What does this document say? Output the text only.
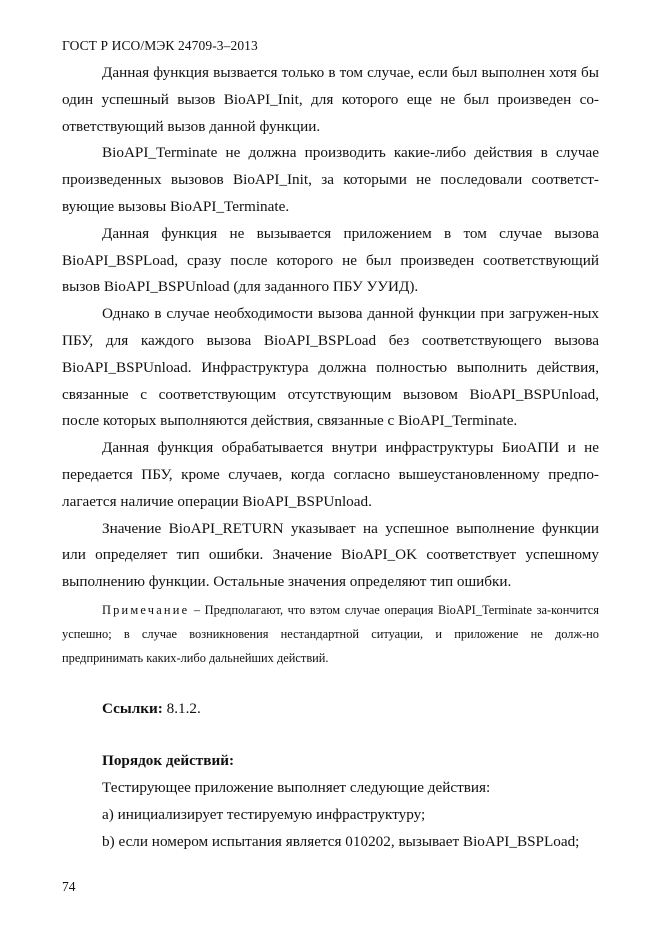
ГОСТ Р ИСО/МЭК 24709-3–2013

Данная функция вызвается только в том случае, если был выполнен хотя бы один успешный вызов BioAPI_Init, для которого еще не был произведен со-ответствующий вызов данной функции.

BioAPI_Terminate не должна производить какие-либо действия в случае произведенных вызовов BioAPI_Init, за которыми не последовали соответст-вующие вызовы BioAPI_Terminate.

Данная функция не вызывается приложением в том случае вызова BioAPI_BSPLoad, сразу после которого не был произведен соответствующий вызов BioAPI_BSPUnload (для заданного ПБУ УУИД).

Однако в случае необходимости вызова данной функции при загружен-ных ПБУ, для каждого вызова BioAPI_BSPLoad без соответствующего вызова BioAPI_BSPUnload. Инфраструктура должна полностью выполнить действия, связанные с соответствующим отсутствующим вызовом BioAPI_BSPUnload, после которых выполняются действия, связанные с BioAPI_Terminate.

Данная функция обрабатывается внутри инфраструктуры БиоАПИ и не передается ПБУ, кроме случаев, когда согласно вышеустановленному предпо-лагается наличие операции BioAPI_BSPUnload.

Значение BioAPI_RETURN указывает на успешное выполнение функции или определяет тип ошибки. Значение BioAPI_OK соответствует успешному выполнению функции. Остальные значения определяют тип ошибки.

Примечание – Предполагают, что вэтом случае операция BioAPI_Terminate за-кончится успешно; в случае возникновения нестандартной ситуации, и приложение не долж-но предпринимать каких-либо дальнейших действий.

Ссылки: 8.1.2.

Порядок действий:

Тестирующее приложение выполняет следующие действия:

a) инициализирует тестируемую инфраструктуру;

b) если номером испытания является 010202, вызывает BioAPI_BSPLoad;

74
